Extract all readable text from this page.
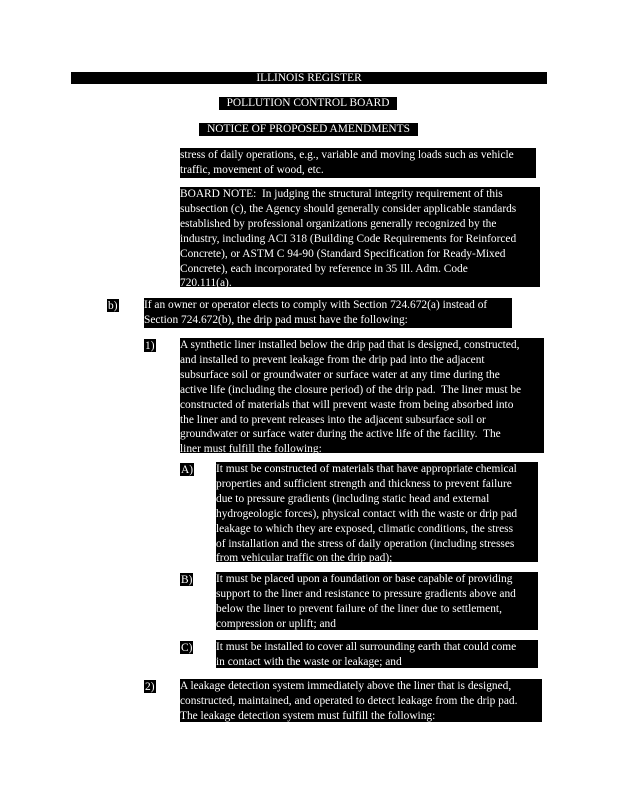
ILLINOIS REGISTER
POLLUTION CONTROL BOARD
NOTICE OF PROPOSED AMENDMENTS
stress of daily operations, e.g., variable and moving loads such as vehicle
traffic, movement of wood, etc.
BOARD NOTE:  In judging the structural integrity requirement of this
subsection (c), the Agency should generally consider applicable standards
established by professional organizations generally recognized by the
industry, including ACI 318 (Building Code Requirements for Reinforced
Concrete), or ASTM C 94-90 (Standard Specification for Ready-Mixed
Concrete), each incorporated by reference in 35 Ill. Adm. Code
720.111(a).
b) If an owner or operator elects to comply with Section 724.672(a) instead of
Section 724.672(b), the drip pad must have the following:
1) A synthetic liner installed below the drip pad that is designed, constructed,
and installed to prevent leakage from the drip pad into the adjacent
subsurface soil or groundwater or surface water at any time during the
active life (including the closure period) of the drip pad.  The liner must be
constructed of materials that will prevent waste from being absorbed into
the liner and to prevent releases into the adjacent subsurface soil or
groundwater or surface water during the active life of the facility.  The
liner must fulfill the following:
A) It must be constructed of materials that have appropriate chemical
properties and sufficient strength and thickness to prevent failure
due to pressure gradients (including static head and external
hydrogeologic forces), physical contact with the waste or drip pad
leakage to which they are exposed, climatic conditions, the stress
of installation and the stress of daily operation (including stresses
from vehicular traffic on the drip pad);
B) It must be placed upon a foundation or base capable of providing
support to the liner and resistance to pressure gradients above and
below the liner to prevent failure of the liner due to settlement,
compression or uplift; and
C) It must be installed to cover all surrounding earth that could come
in contact with the waste or leakage; and
2) A leakage detection system immediately above the liner that is designed,
constructed, maintained, and operated to detect leakage from the drip pad.
The leakage detection system must fulfill the following:
